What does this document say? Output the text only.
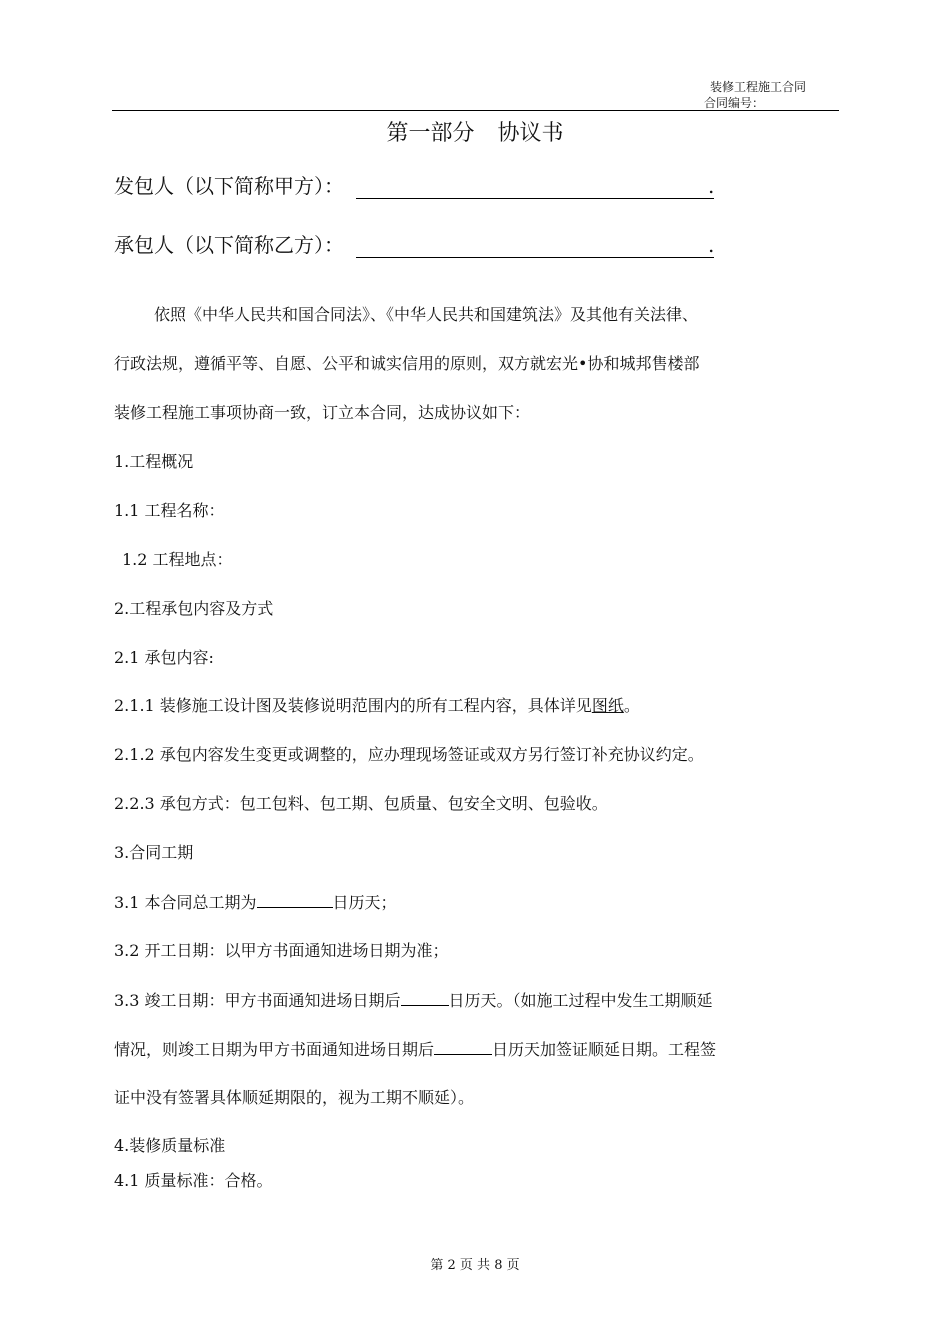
装修工程施工合同
合同编号：
第一部分 协议书
发包人（以下简称甲方）：	.
承包人（以下简称乙方）：	.
依照《中华人民共和国合同法》、《中华人民共和国建筑法》及其他有关法律、
行政法规，遵循平等、自愿、公平和诚实信用的原则，双方就宏光•协和城邦售楼部
装修工程施工事项协商一致，订立本合同，达成协议如下：
1.工程概况
1.1 工程名称：
1.2 工程地点：
2.工程承包内容及方式
2.1 承包内容:
2.1.1 装修施工设计图及装修说明范围内的所有工程内容，具体详见图纸。
2.1.2 承包内容发生变更或调整的，应办理现场签证或双方另行签订补充协议约定。
2.2.3 承包方式：包工包料、包工期、包质量、包安全文明、包验收。
3.合同工期
3.1 本合同总工期为	日历天；
3.2 开工日期：以甲方书面通知进场日期为准；
3.3 竣工日期：甲方书面通知进场日期后	日历天。（如施工过程中发生工期顺延
情况，则竣工日期为甲方书面通知进场日期后	日历天加签证顺延日期。工程签
证中没有签署具体顺延期限的，视为工期不顺延）。
4.装修质量标准
4.1 质量标准：合格。
第 2 页 共 8 页
